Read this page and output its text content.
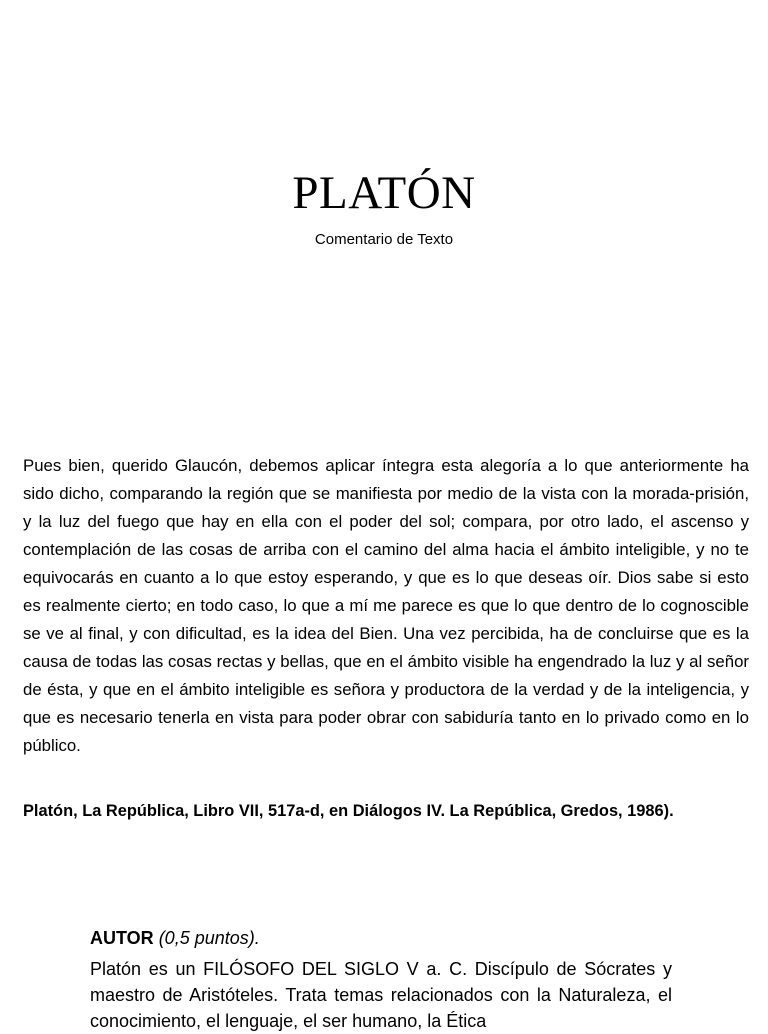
PLATÓN
Comentario de Texto

Pues bien, querido Glaucón, debemos aplicar íntegra esta alegoría a lo que anteriormente ha sido dicho, comparando la región que se manifiesta por medio de la vista con la morada-prisión, y la luz del fuego que hay en ella con el poder del sol; compara, por otro lado, el ascenso y contemplación de las cosas de arriba con el camino del alma hacia el ámbito inteligible, y no te equivocarás en cuanto a lo que estoy esperando, y que es lo que deseas oír. Dios sabe si esto es realmente cierto; en todo caso, lo que a mí me parece es que lo que dentro de lo cognoscible se ve al final, y con dificultad, es la idea del Bien. Una vez percibida, ha de concluirse que es la causa de todas las cosas rectas y bellas, que en el ámbito visible ha engendrado la luz y al señor de ésta, y que en el ámbito inteligible es señora y productora de la verdad y de la inteligencia, y que es necesario tenerla en vista para poder obrar con sabiduría tanto en lo privado como en lo público.

Platón, La República, Libro VII, 517a-d, en Diálogos IV. La República, Gredos, 1986).

AUTOR (0,5 puntos).

Platón es un FILÓSOFO DEL SIGLO V a. C. Discípulo de Sócrates y maestro de Aristóteles. Trata temas relacionados con la Naturaleza, el conocimiento, el lenguaje, el ser humano, la Ética
